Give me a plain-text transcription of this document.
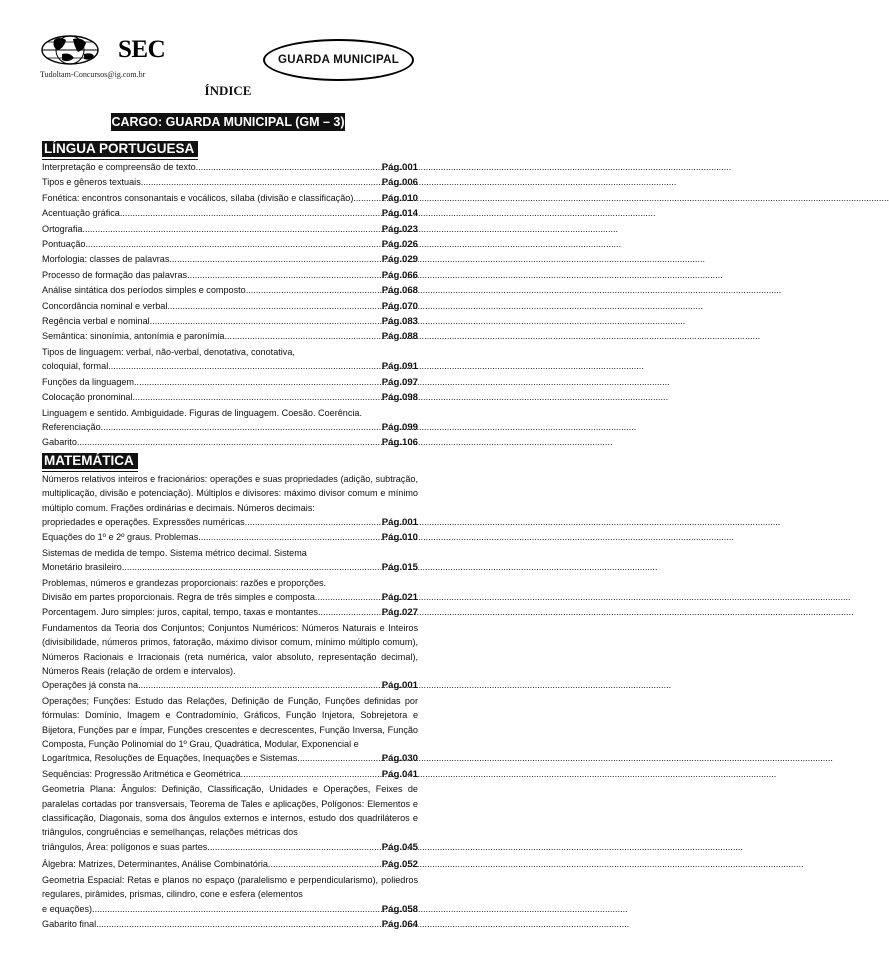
SEC
Tudoltam-Concursos@ig.com.br
GUARDA MUNICIPAL
ÍNDICE
CARGO: GUARDA MUNICIPAL (GM – 3)
LÍNGUA PORTUGUESA
Interpretação e compreensão de texto. .....	Pág.001
Tipos e gêneros textuais. .....	Pág.006
Fonética: encontros consonantais e vocálicos, sílaba (divisão e classificação). .....	Pág.010
Acentuação gráfica. .....	Pág.014
Ortografia. .....	Pág.023
Pontuação. .....	Pág.026
Morfologia: classes de palavras. .....	Pág.029
Processo de formação das palavras. .....	Pág.066
Análise sintática dos períodos simples e composto. .....	Pág.068
Concordância nominal e verbal. .....	Pág.070
Regência verbal e nominal. .....	Pág.083
Semântica: sinonímia, antonímia e paronímia. .....	Pág.088
Tipos de linguagem: verbal, não-verbal, denotativa, conotativa,
coloquial, formal. .....	Pág.091
Funções da linguagem. .....	Pág.097
Colocação pronominal. .....	Pág.098
Linguagem e sentido. Ambiguidade. Figuras de linguagem. Coesão. Coerência.
Referenciação. .....	Pág.099
Gabarito. .....	Pág.106
MATEMÁTICA
Números relativos inteiros e fracionários: operações e suas propriedades (adição, subtração, multiplicação, divisão e potenciação). Múltiplos e divisores: máximo divisor comum e mínimo múltiplo comum. Frações ordinárias e decimais. Números decimais:
propriedades e operações. Expressões numéricas. .....	Pág.001
Equações do 1º e 2º graus. Problemas. .....	Pág.010
Sistemas de medida de tempo. Sistema métrico decimal. Sistema
Monetário brasileiro. .....	Pág.015
Problemas, números e grandezas proporcionais: razões e proporções.
Divisão em partes proporcionais. Regra de três simples e composta. .....	Pág.021
Porcentagem. Juro simples: juros, capital, tempo, taxas e montantes. .....	Pág.027
Fundamentos da Teoria dos Conjuntos; Conjuntos Numéricos: Números Naturais e Inteiros (divisibilidade, números primos, fatoração, máximo divisor comum, mínimo múltiplo comum), Números Racionais e Irracionais (reta numérica, valor absoluto, representação decimal), Números Reais (relação de ordem e intervalos).
Operações já consta na .....	Pág.001
Operações; Funções: Estudo das Relações, Definição de Função, Funções definidas por fórmulas: Domínio, Imagem e Contradomínio, Gráficos, Função Injetora, Sobrejetora e Bijetora, Funções par e ímpar, Funções crescentes e decrescentes, Função Inversa, Função Composta, Função Polinomial do 1º Grau, Quadrática, Modular, Exponencial e
Logarítmica, Resoluções de Equações, Inequações e Sistemas. .....	Pág.030
Sequências: Progressão Aritmética e Geométrica. .....	Pág.041
Geometria Plana: Ângulos: Definição, Classificação, Unidades e Operações, Feixes de paralelas cortadas por transversais, Teorema de Tales e aplicações, Polígonos: Elementos e classificação, Diagonais, soma dos ângulos externos e internos, estudo dos quadriláteros e triângulos, congruências e semelhanças, relações métricas dos
triângulos, Área: polígonos e suas partes. .....	Pág.045
Álgebra: Matrizes, Determinantes, Análise Combinatória. .....	Pág.052
Geometria Espacial: Retas e planos no espaço (paralelismo e perpendicularismo), poliedros regulares, pirâmides, prismas, cilindro, cone e esfera (elementos
e equações). .....	Pág.058
Gabarito final .....	Pág.064
